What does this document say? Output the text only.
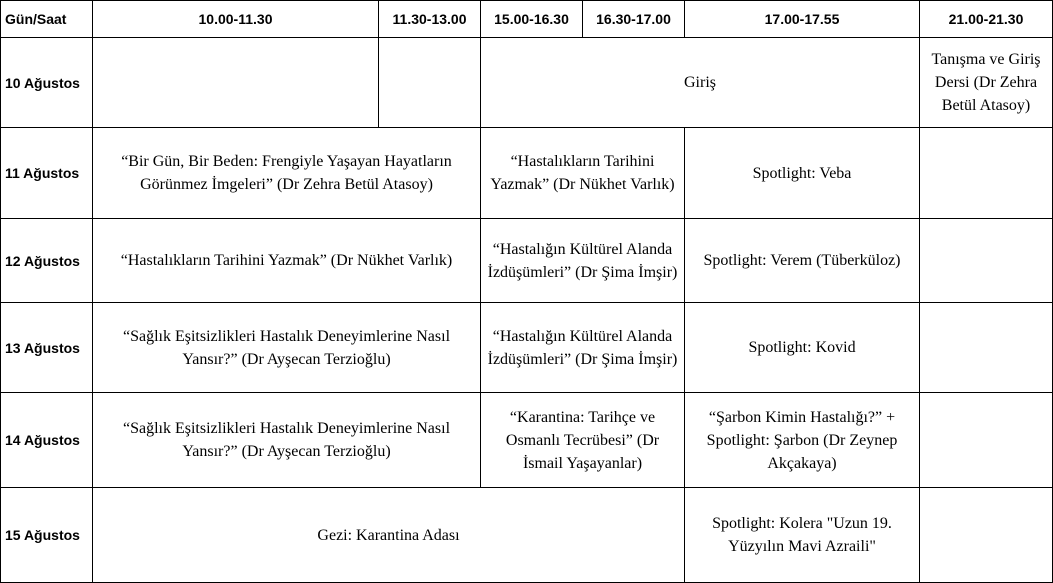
Gün/Saat	10.00-11.30	11.30-13.00	15.00-16.30	16.30-17.00	17.00-17.55	21.00-21.30
10 Ağustos			Giriş			Tanışma ve Giriş Dersi (Dr Zehra Betül Atasoy)
11 Ağustos	“Bir Gün, Bir Beden: Frengiyle Yaşayan Hayatların Görünmez İmgeleri” (Dr Zehra Betül Atasoy)		“Hastalıkların Tarihini Yazmak” (Dr Nükhet Varlık)		Spotlight: Veba	
12 Ağustos	“Hastalıkların Tarihini Yazmak” (Dr Nükhet Varlık)		“Hastalığın Kültürel Alanda İzdüşümleri” (Dr Şima İmşir)		Spotlight: Verem (Tüberküloz)	
13 Ağustos	“Sağlık Eşitsizlikleri Hastalık Deneyimlerine Nasıl Yansır?” (Dr Ayşecan Terzioğlu)		“Hastalığın Kültürel Alanda İzdüşümleri” (Dr Şima İmşir)		Spotlight: Kovid	
14 Ağustos	“Sağlık Eşitsizlikleri Hastalık Deneyimlerine Nasıl Yansır?” (Dr Ayşecan Terzioğlu)		“Karantina: Tarihçe ve Osmanlı Tecrübesi” (Dr İsmail Yaşayanlar)		“Şarbon Kimin Hastalığı?” + Spotlight: Şarbon (Dr Zeynep Akçakaya)	
15 Ağustos	Gezi: Karantina Adası				Spotlight: Kolera "Uzun 19. Yüzyılın Mavi Azraili"	
